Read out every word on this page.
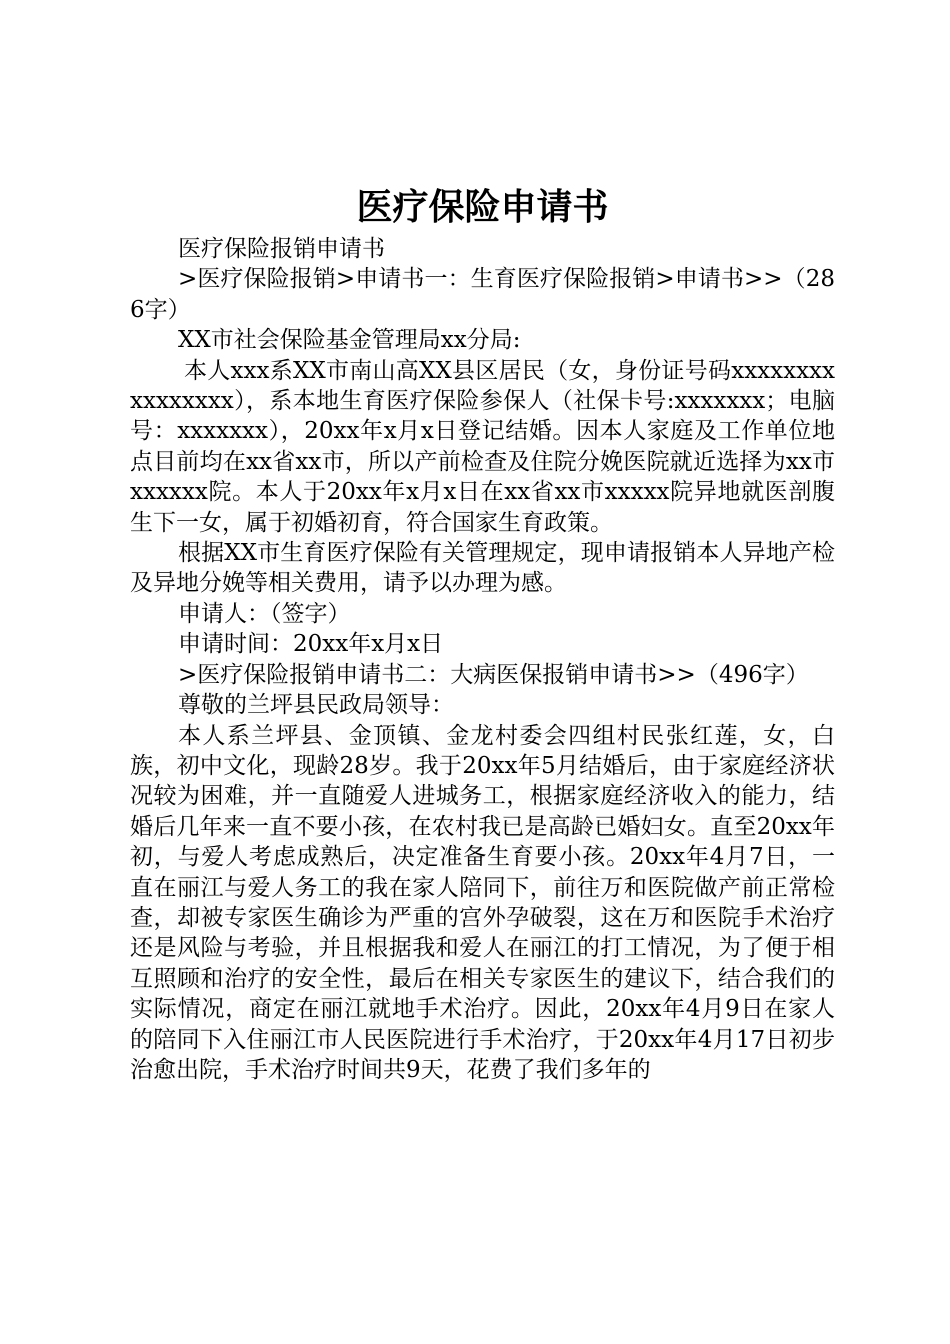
医疗保险申请书

医疗保险报销申请书

>医疗保险报销>申请书一：生育医疗保险报销>申请书>>（286字）

XX市社会保险基金管理局xx分局:

本人xxx系XX市南山高XX县区居民（女，身份证号码xxxxxxxxxxxxxxxx），系本地生育医疗保险参保人（社保卡号:xxxxxxx；电脑号：xxxxxxx），20xx年x月x日登记结婚。因本人家庭及工作单位地点目前均在xx省xx市，所以产前检查及住院分娩医院就近选择为xx市xxxxxx院。本人于20xx年x月x日在xx省xx市xxxxx院异地就医剖腹生下一女，属于初婚初育，符合国家生育政策。

根据XX市生育医疗保险有关管理规定，现申请报销本人异地产检及异地分娩等相关费用，请予以办理为感。

申请人：（签字）

申请时间：20xx年x月x日

>医疗保险报销申请书二：大病医保报销申请书>>（496字）

尊敬的兰坪县民政局领导：

本人系兰坪县、金顶镇、金龙村委会四组村民张红莲，女，白族，初中文化，现龄28岁。我于20xx年5月结婚后，由于家庭经济状况较为困难，并一直随爱人进城务工，根据家庭经济收入的能力，结婚后几年来一直不要小孩，在农村我已是高龄已婚妇女。直至20xx年初，与爱人考虑成熟后，决定准备生育要小孩。20xx年4月7日，一直在丽江与爱人务工的我在家人陪同下，前往万和医院做产前正常检查，却被专家医生确诊为严重的宫外孕破裂，这在万和医院手术治疗还是风险与考验，并且根据我和爱人在丽江的打工情况，为了便于相互照顾和治疗的安全性，最后在相关专家医生的建议下，结合我们的实际情况，商定在丽江就地手术治疗。因此，20xx年4月9日在家人的陪同下入住丽江市人民医院进行手术治疗，于20xx年4月17日初步治愈出院，手术治疗时间共9天，花费了我们多年的
